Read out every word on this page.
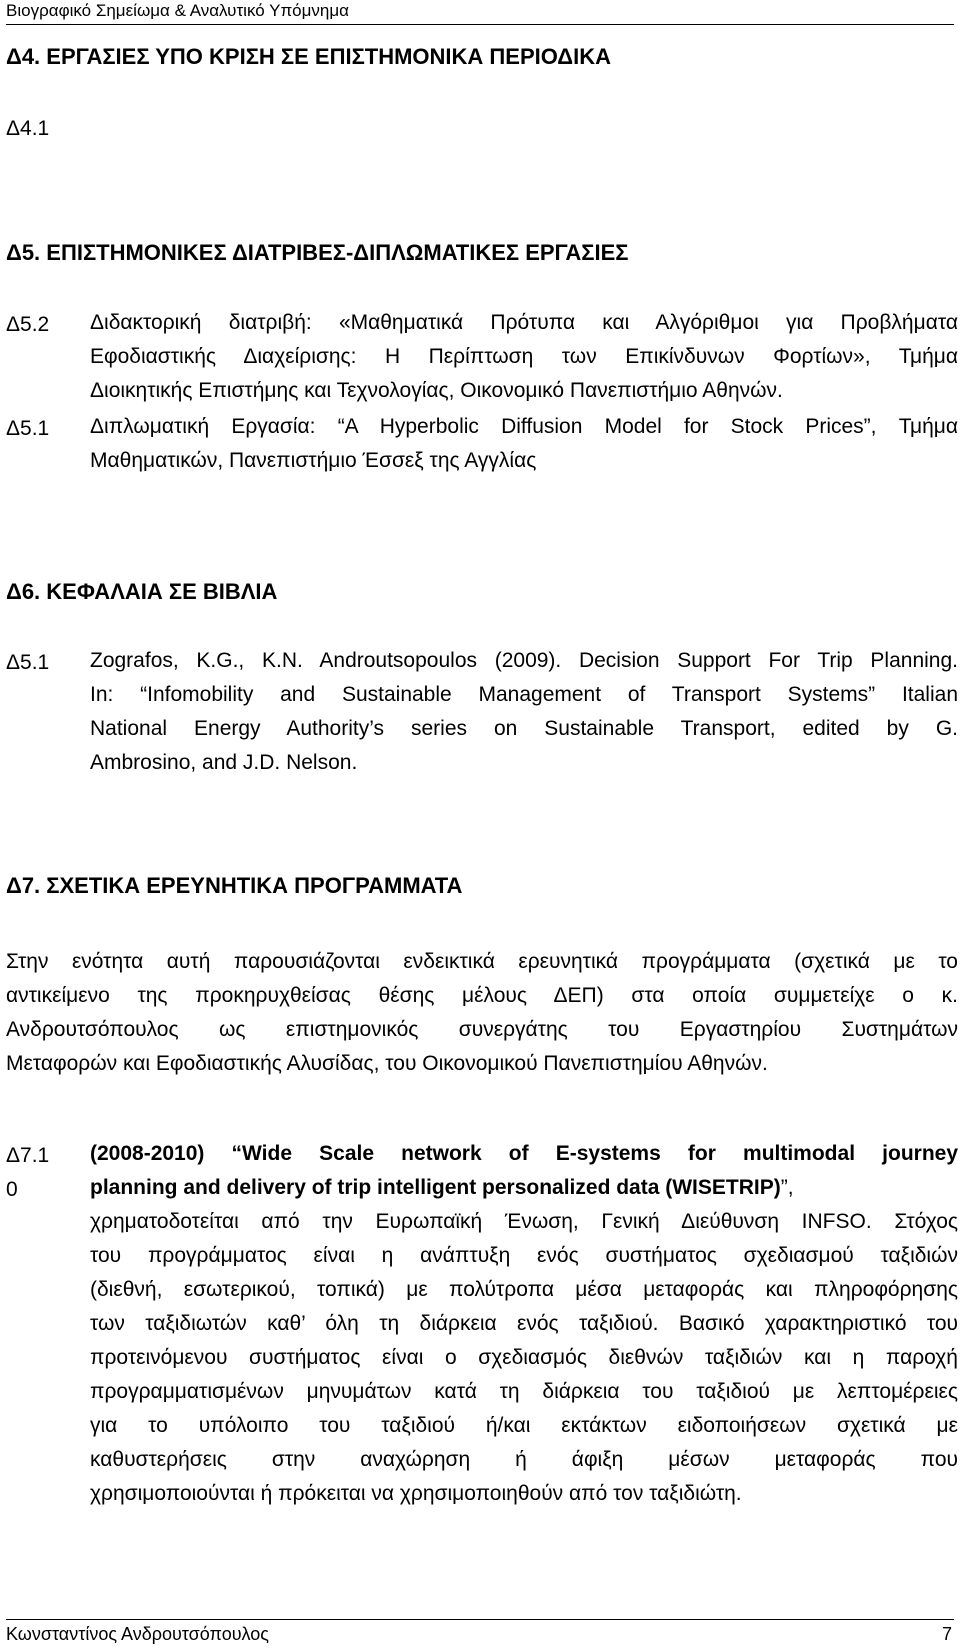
Βιογραφικό Σημείωμα & Αναλυτικό Υπόμνημα
Δ4. ΕΡΓΑΣΙΕΣ ΥΠΟ ΚΡΙΣΗ ΣΕ ΕΠΙΣΤΗΜΟΝΙΚΑ ΠΕΡΙΟΔΙΚΑ
Δ4.1
Δ5. ΕΠΙΣΤΗΜΟΝΙΚΕΣ ΔΙΑΤΡΙΒΕΣ-ΔΙΠΛΩΜΑΤΙΚΕΣ ΕΡΓΑΣΙΕΣ
Δ5.2 Διδακτορική διατριβή: «Μαθηματικά Πρότυπα και Αλγόριθμοι για Προβλήματα
Εφοδιαστικής Διαχείρισης: Η Περίπτωση των Επικίνδυνων Φορτίων», Τμήμα
Διοικητικής Επιστήμης και Τεχνολογίας, Οικονομικό Πανεπιστήμιο Αθηνών.
Δ5.1 Διπλωματική Εργασία: “A Hyperbolic Diffusion Model for Stock Prices”, Τμήμα
Μαθηματικών, Πανεπιστήμιο Έσσεξ της Αγγλίας
Δ6. ΚΕΦΑΛΑΙΑ ΣΕ ΒΙΒΛΙΑ
Δ5.1 Zografos, K.G., K.N. Androutsopoulos (2009). Decision Support For Trip Planning.
In: “Infomobility and Sustainable Management of Transport Systems” Italian
National Energy Authority’s series on Sustainable Transport, edited by G.
Ambrosino, and J.D. Nelson.
Δ7. ΣΧΕΤΙΚΑ ΕΡΕΥΝΗΤΙΚΑ ΠΡΟΓΡΑΜΜΑΤΑ
Στην ενότητα αυτή παρουσιάζονται ενδεικτικά ερευνητικά προγράμματα (σχετικά με το
αντικείμενο της προκηρυχθείσας θέσης μέλους ΔΕΠ) στα οποία συμμετείχε ο κ.
Ανδρουτσόπουλος ως επιστημονικός συνεργάτης του Εργαστηρίου Συστημάτων
Μεταφορών και Εφοδιαστικής Αλυσίδας, του Οικονομικού Πανεπιστημίου Αθηνών.
Δ7.1
0
(2008-2010) “Wide Scale network of E-systems for multimodal journey
planning and delivery of trip intelligent personalized data (WISETRIP)”,
χρηματοδοτείται από την Ευρωπαϊκή Ένωση, Γενική Διεύθυνση INFSO. Στόχος
του προγράμματος είναι η ανάπτυξη ενός συστήματος σχεδιασμού ταξιδιών
(διεθνή, εσωτερικού, τοπικά) με πολύτροπα μέσα μεταφοράς και πληροφόρησης
των ταξιδιωτών καθ’ όλη τη διάρκεια ενός ταξιδιού. Βασικό χαρακτηριστικό του
προτεινόμενου συστήματος είναι ο σχεδιασμός διεθνών ταξιδιών και η παροχή
προγραμματισμένων μηνυμάτων κατά τη διάρκεια του ταξιδιού με λεπτομέρειες
για το υπόλοιπο του ταξιδιού ή/και εκτάκτων ειδοποιήσεων σχετικά με
καθυστερήσεις στην αναχώρηση ή άφιξη μέσων μεταφοράς που
χρησιμοποιούνται ή πρόκειται να χρησιμοποιηθούν από τον ταξιδιώτη.
Κωνσταντίνος Ανδρουτσόπουλος	7
